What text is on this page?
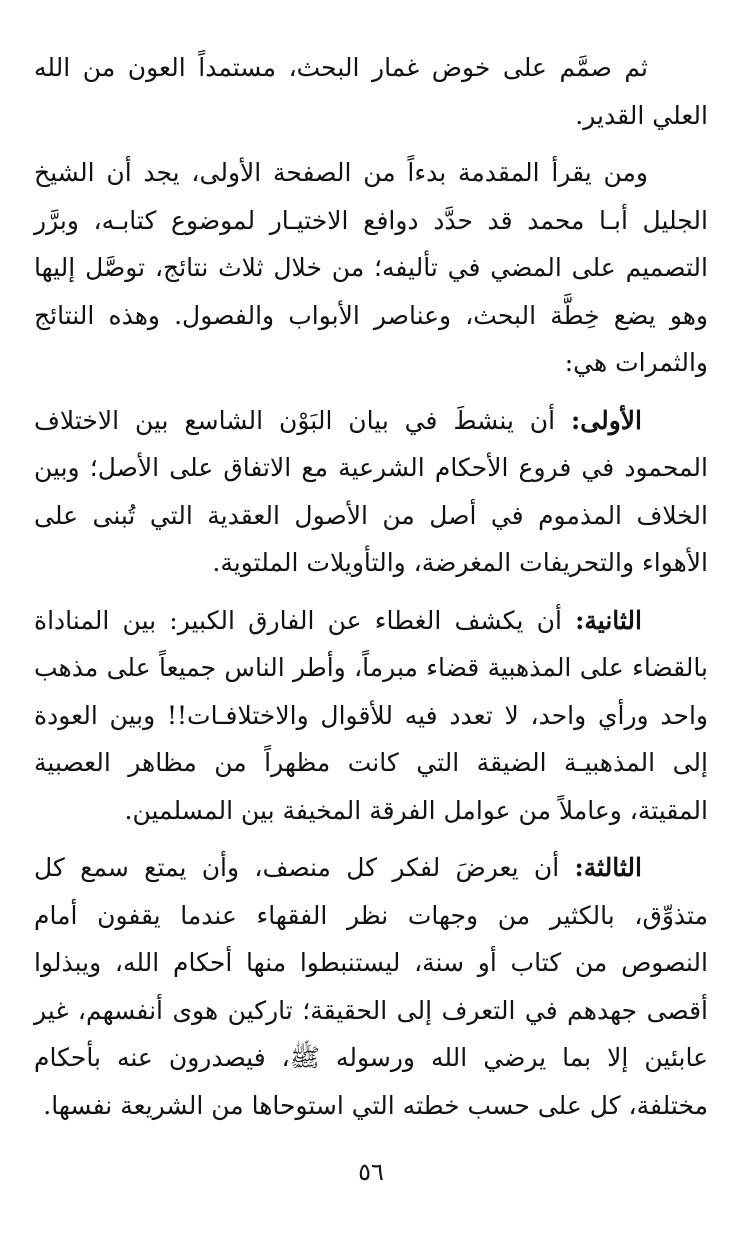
ثم صمَّم على خوض غمار البحث، مستمداً العون من الله العلي القدير.

ومن يقرأ المقدمة بدءاً من الصفحة الأولى، يجد أن الشيخ الجليل أبـا محمد قد حدَّد دوافع الاختيـار لموضوع كتابـه، وبرَّر التصميم على المضي في تأليفه؛ من خلال ثلاث نتائج، توصَّل إليها وهو يضع خِطَّة البحث، وعناصر الأبواب والفصول. وهذه النتائج والثمرات هي:

الأولى: أن ينشطَ في بيان البَوْن الشاسع بين الاختلاف المحمود في فروع الأحكام الشرعية مع الاتفاق على الأصل؛ وبين الخلاف المذموم في أصل من الأصول العقدية التي تُبنى على الأهواء والتحريفات المغرضة، والتأويلات الملتوية.

الثانية: أن يكشف الغطاء عن الفارق الكبير: بين المناداة بالقضاء على المذهبية قضاء مبرماً، وأطر الناس جميعاً على مذهب واحد ورأي واحد، لا تعدد فيه للأقوال والاختلافـات!! وبين العودة إلى المذهبيـة الضيقة التي كانت مظهراً من مظاهر العصبية المقيتة، وعاملاً من عوامل الفرقة المخيفة بين المسلمين.

الثالثة: أن يعرضَ لفكر كل منصف، وأن يمتع سمع كل متذوِّق، بالكثير من وجهات نظر الفقهاء عندما يقفون أمام النصوص من كتاب أو سنة، ليستنبطوا منها أحكام الله، ويبذلوا أقصى جهدهم في التعرف إلى الحقيقة؛ تاركين هوى أنفسهم، غير عابئين إلا بما يرضي الله ورسوله ﷺ، فيصدرون عنه بأحكام مختلفة، كل على حسب خطته التي استوحاها من الشريعة نفسها.

٥٦
